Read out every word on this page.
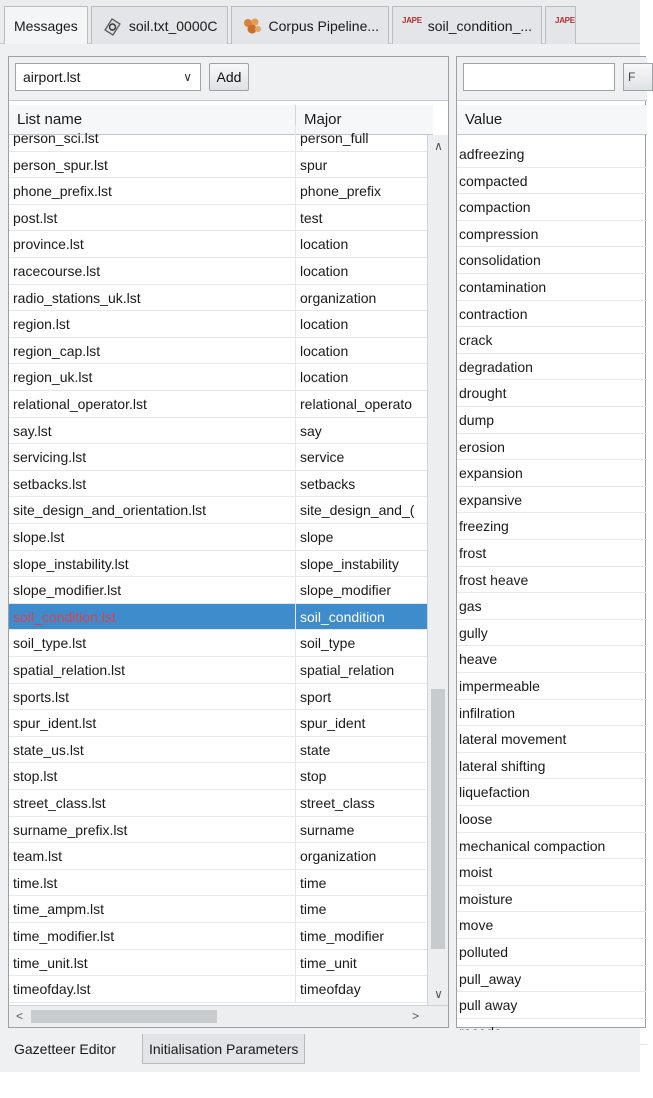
Messages	soil.txt_0000C	Corpus Pipeline...	JAPE soil_condition_...	JAPE
airport.lst	∨	Add
List name	Major
person_sci.lst	person_full
person_spur.lst	spur
phone_prefix.lst	phone_prefix
post.lst	test
province.lst	location
racecourse.lst	location
radio_stations_uk.lst	organization
region.lst	location
region_cap.lst	location
region_uk.lst	location
relational_operator.lst	relational_operato
say.lst	say
servicing.lst	service
setbacks.lst	setbacks
site_design_and_orientation.lst	site_design_and_(
slope.lst	slope
slope_instability.lst	slope_instability
slope_modifier.lst	slope_modifier
soil_condition.lst	soil_condition
soil_type.lst	soil_type
spatial_relation.lst	spatial_relation
sports.lst	sport
spur_ident.lst	spur_ident
state_us.lst	state
stop.lst	stop
street_class.lst	street_class
surname_prefix.lst	surname
team.lst	organization
time.lst	time
time_ampm.lst	time
time_modifier.lst	time_modifier
time_unit.lst	time_unit
timeofday.lst	timeofday
∧
∨
<	>
F
Value
adfreezing
compacted
compaction
compression
consolidation
contamination
contraction
crack
degradation
drought
dump
erosion
expansion
expansive
freezing
frost
frost heave
gas
gully
heave
impermeable
infilration
lateral movement
lateral shifting
liquefaction
loose
mechanical compaction
moist
moisture
move
polluted
pull_away
pull away
Gazetteer Editor	Initialisation Parameters
